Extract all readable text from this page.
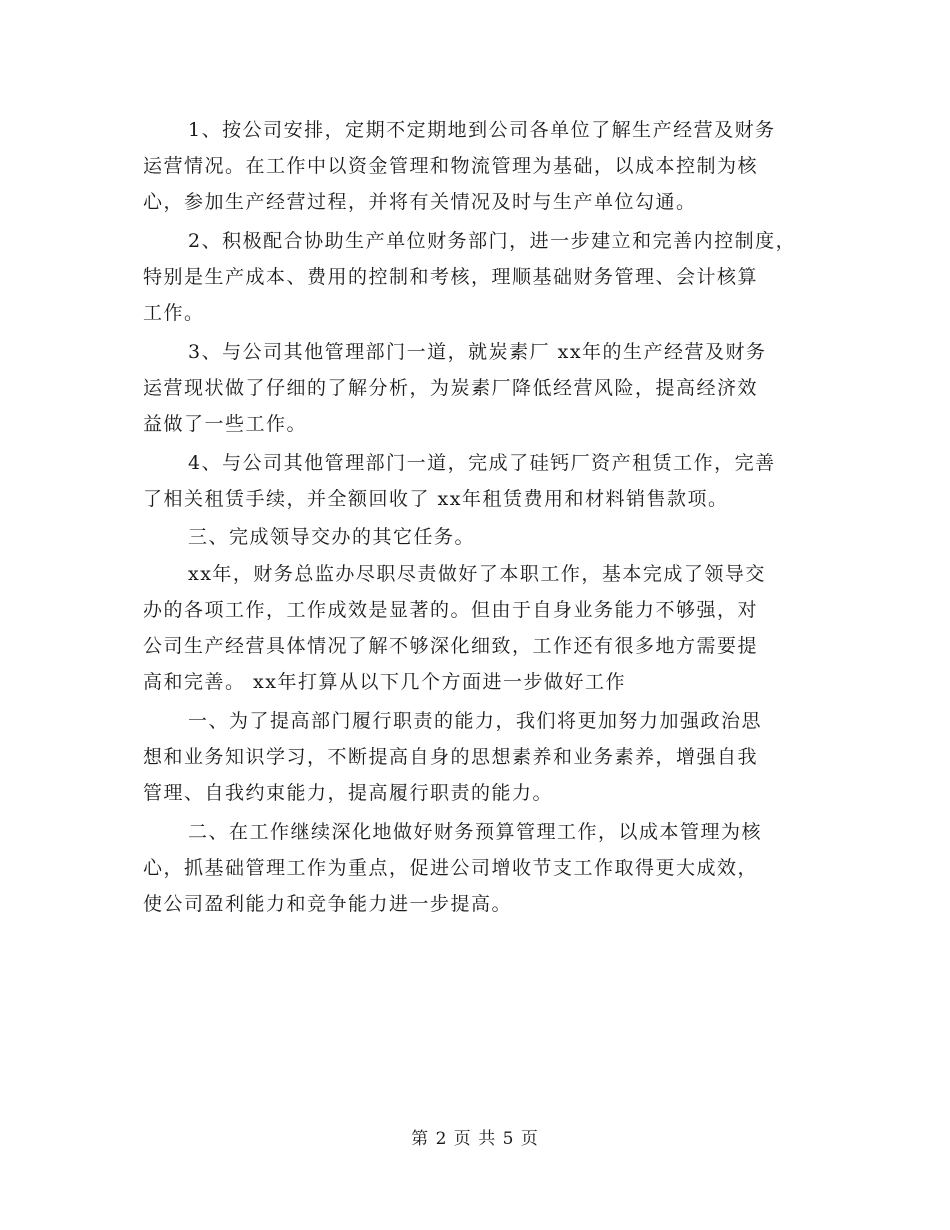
1、按公司安排，定期不定期地到公司各单位了解生产经营及财务
运营情况。在工作中以资金管理和物流管理为基础，以成本控制为核
心，参加生产经营过程，并将有关情况及时与生产单位勾通。
2、积极配合协助生产单位财务部门，进一步建立和完善内控制度，
特别是生产成本、费用的控制和考核，理顺基础财务管理、会计核算
工作。
3、与公司其他管理部门一道，就炭素厂 xx年的生产经营及财务
运营现状做了仔细的了解分析，为炭素厂降低经营风险，提高经济效
益做了一些工作。
4、与公司其他管理部门一道，完成了硅钙厂资产租赁工作，完善
了相关租赁手续，并全额回收了 xx年租赁费用和材料销售款项。
三、完成领导交办的其它任务。
xx年，财务总监办尽职尽责做好了本职工作，基本完成了领导交
办的各项工作，工作成效是显著的。但由于自身业务能力不够强，对
公司生产经营具体情况了解不够深化细致，工作还有很多地方需要提
高和完善。 xx年打算从以下几个方面进一步做好工作
一、为了提高部门履行职责的能力，我们将更加努力加强政治思
想和业务知识学习，不断提高自身的思想素养和业务素养，增强自我
管理、自我约束能力，提高履行职责的能力。
二、在工作继续深化地做好财务预算管理工作，以成本管理为核
心，抓基础管理工作为重点，促进公司增收节支工作取得更大成效，
使公司盈利能力和竞争能力进一步提高。
第 2 页 共 5 页
